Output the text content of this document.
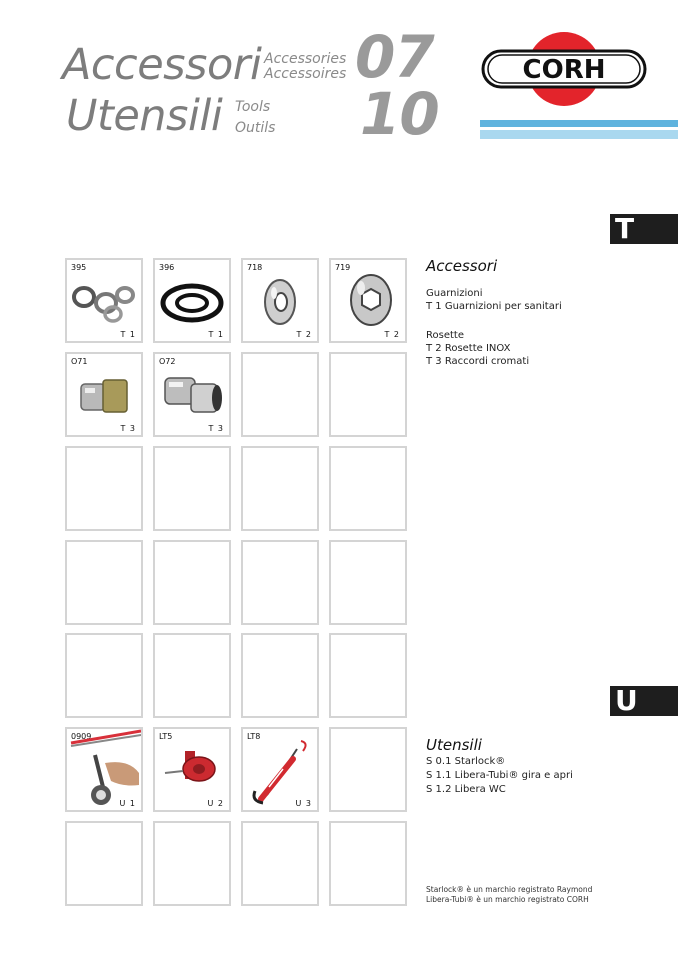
Accessori
Utensili
Accessories
Accessoires
Tools
Outils
07
10
CORH
T
U
395
T 1
396
T 1
718
T 2
719
T 2
O71
T 3
O72
T 3
0909
U 1
LT5
U 2
LT8
U 3
Accessori
Guarnizioni
T 1 Guarnizioni per sanitari
Rosette
T 2 Rosette INOX
T 3 Raccordi cromati
Utensili
S 0.1 Starlock®
S 1.1 Libera-Tubi® gira e apri
S 1.2 Libera WC
Starlock® è un marchio registrato Raymond
Libera-Tubi® è un marchio registrato CORH
